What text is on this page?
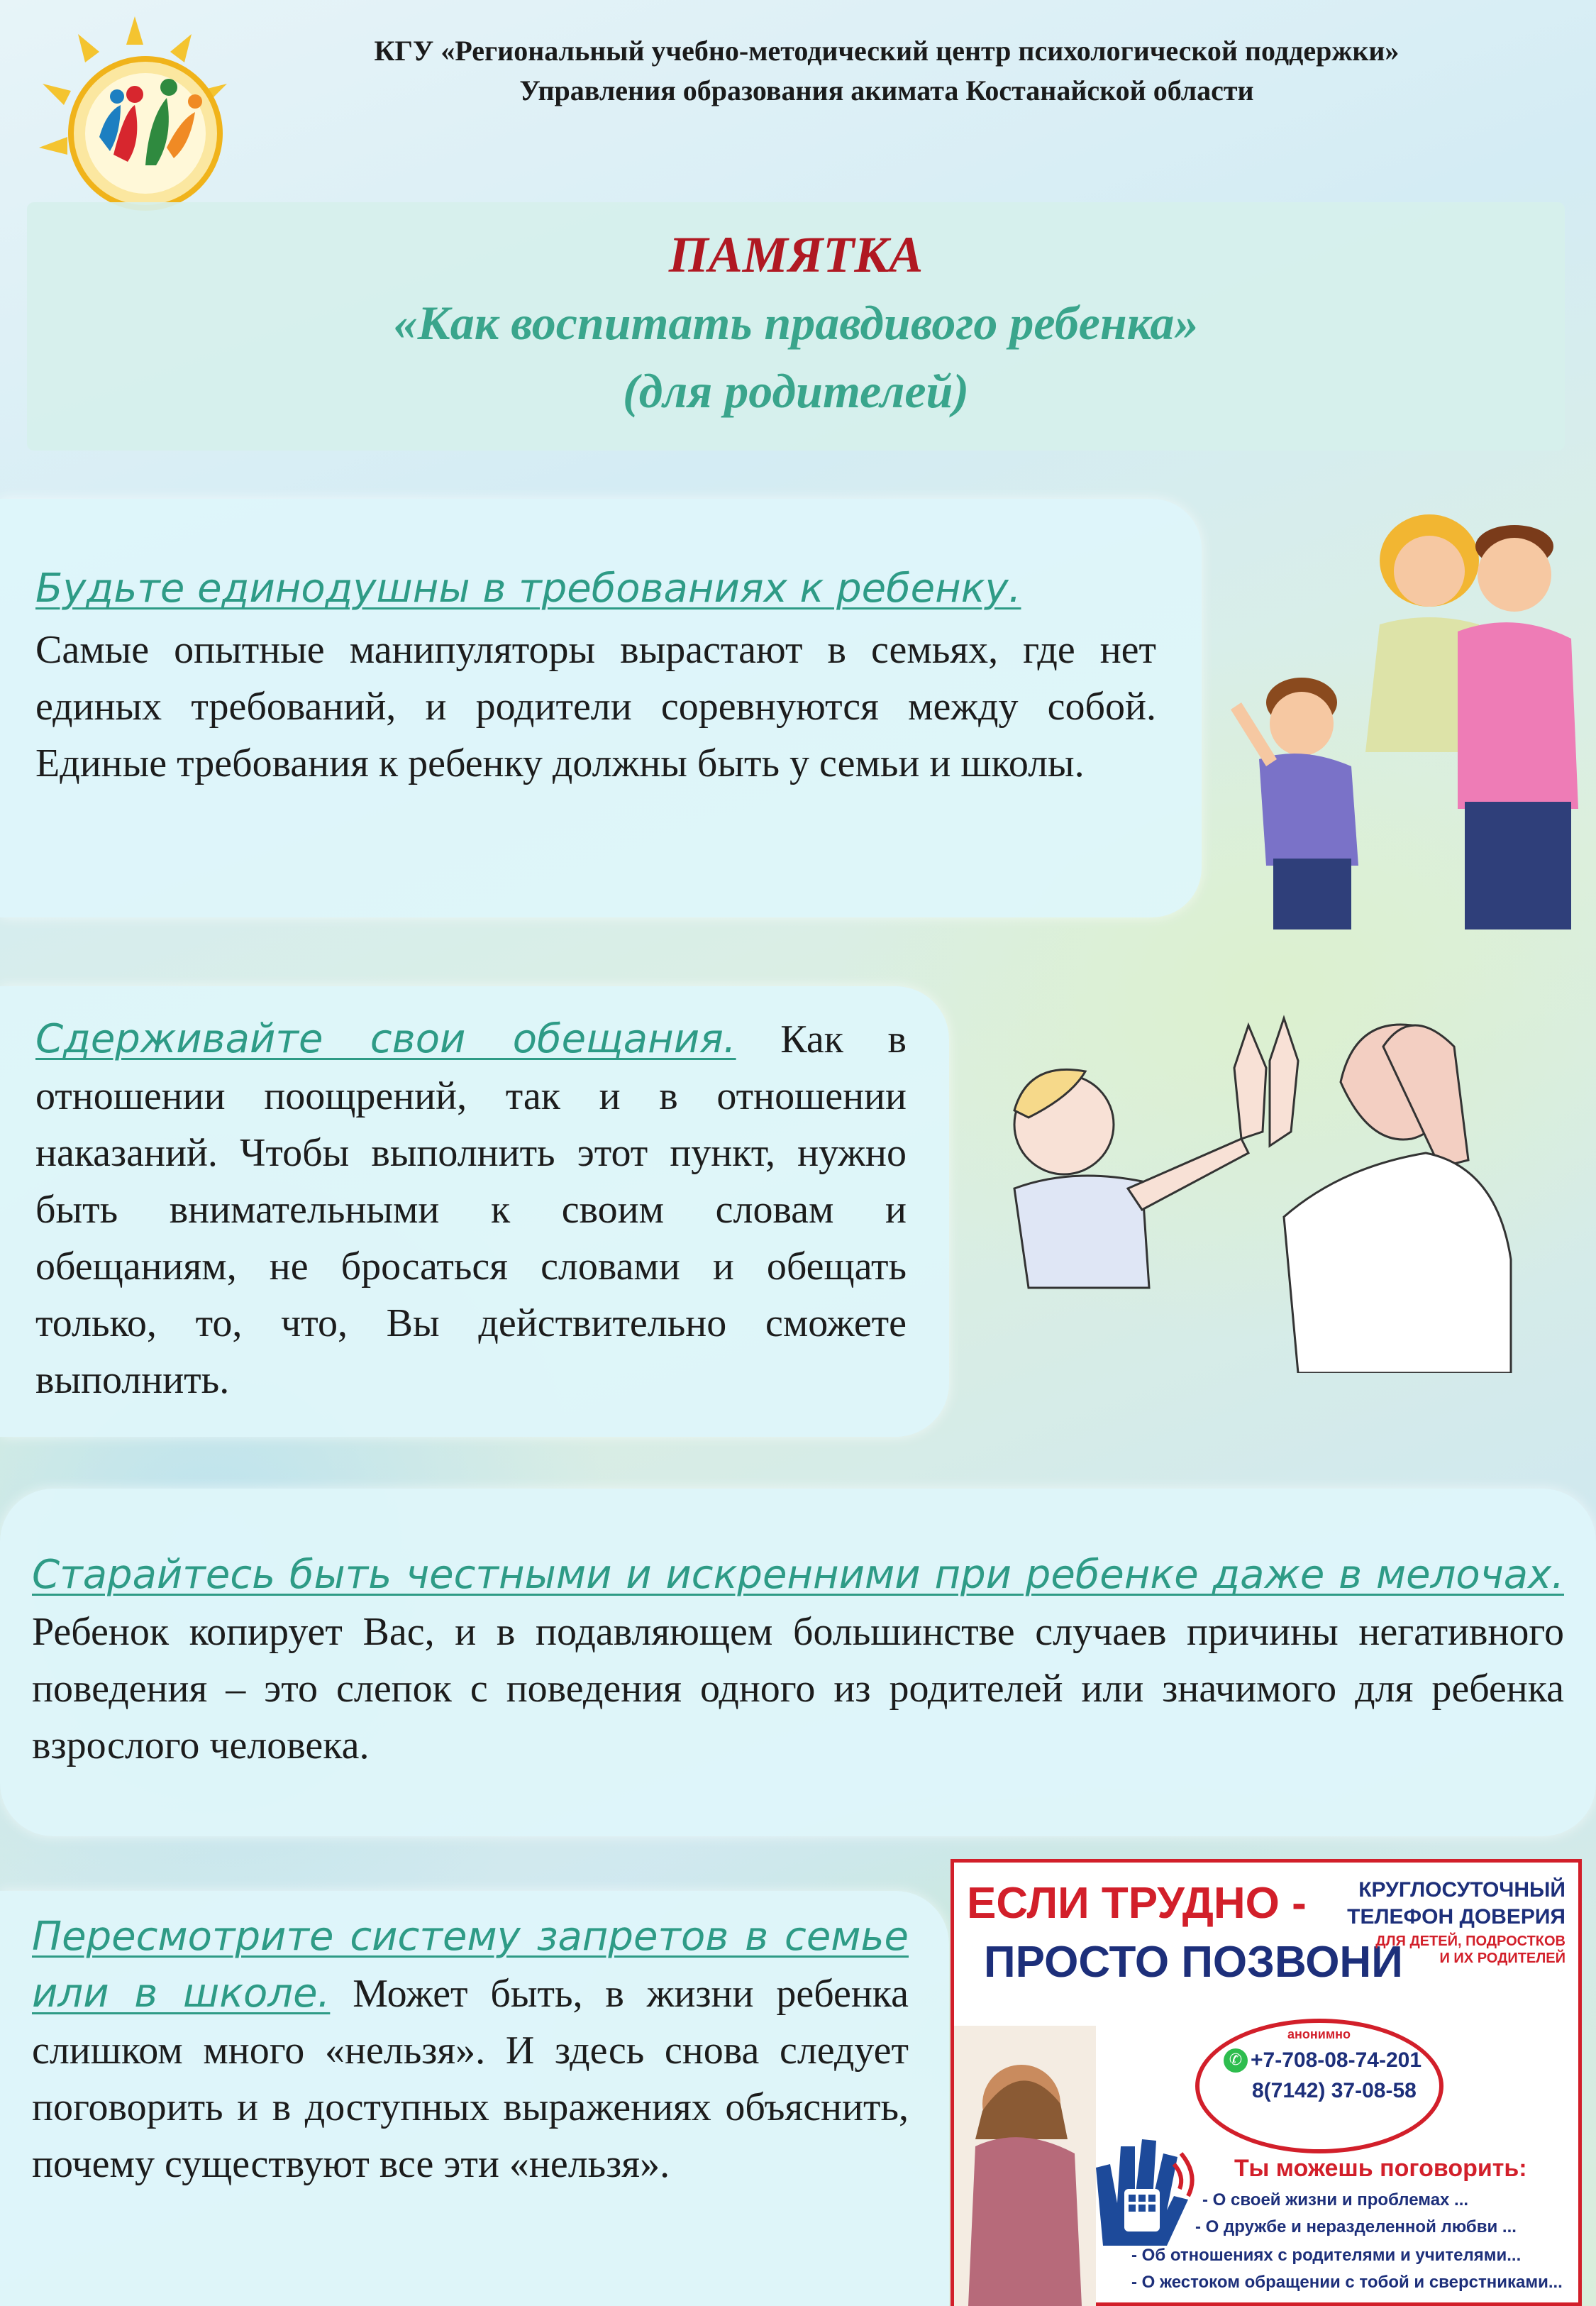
КГУ «Региональный учебно-методический центр психологической поддержки»
Управления образования акимата Костанайской области
ПАМЯТКА
«Как воспитать правдивого ребенка»
(для родителей)
Будьте единодушны в требованиях к ребенку.
Самые опытные манипуляторы вырастают в семьях, где нет единых требований, и родители соревнуются между собой. Единые требования к ребенку должны быть у семьи и школы.
Сдерживайте свои обещания. Как в отношении поощрений, так и в отношении наказаний. Чтобы выполнить этот пункт, нужно быть внимательными к своим словам и обещаниям, не бросаться словами и обещать только, то, что, Вы действительно сможете выполнить.
Старайтесь быть честными и искренними при ребенке даже в мелочах. Ребенок копирует Вас, и в подавляющем большинстве случаев причины негативного поведения – это слепок с поведения одного из родителей или значимого для ребенка взрослого человека.
Пересмотрите систему запретов в семье или в школе. Может быть, в жизни ребенка слишком много «нельзя». И здесь снова следует поговорить и в доступных выражениях объяснить, почему существуют все эти «нельзя».
ЕСЛИ ТРУДНО -
ПРОСТО ПОЗВОНИ
КРУГЛОСУТОЧНЫЙ
ТЕЛЕФОН ДОВЕРИЯ
ДЛЯ ДЕТЕЙ, ПОДРОСТКОВ
И ИХ РОДИТЕЛЕЙ
анонимно
✆ +7-708-08-74-201
8(7142) 37-08-58
Ты можешь поговорить:
- О своей жизни и проблемах ...
- О дружбе и неразделенной любви ...
- Об отношениях с родителями и учителями...
- О жестоком обращении с тобой и сверстниками...
